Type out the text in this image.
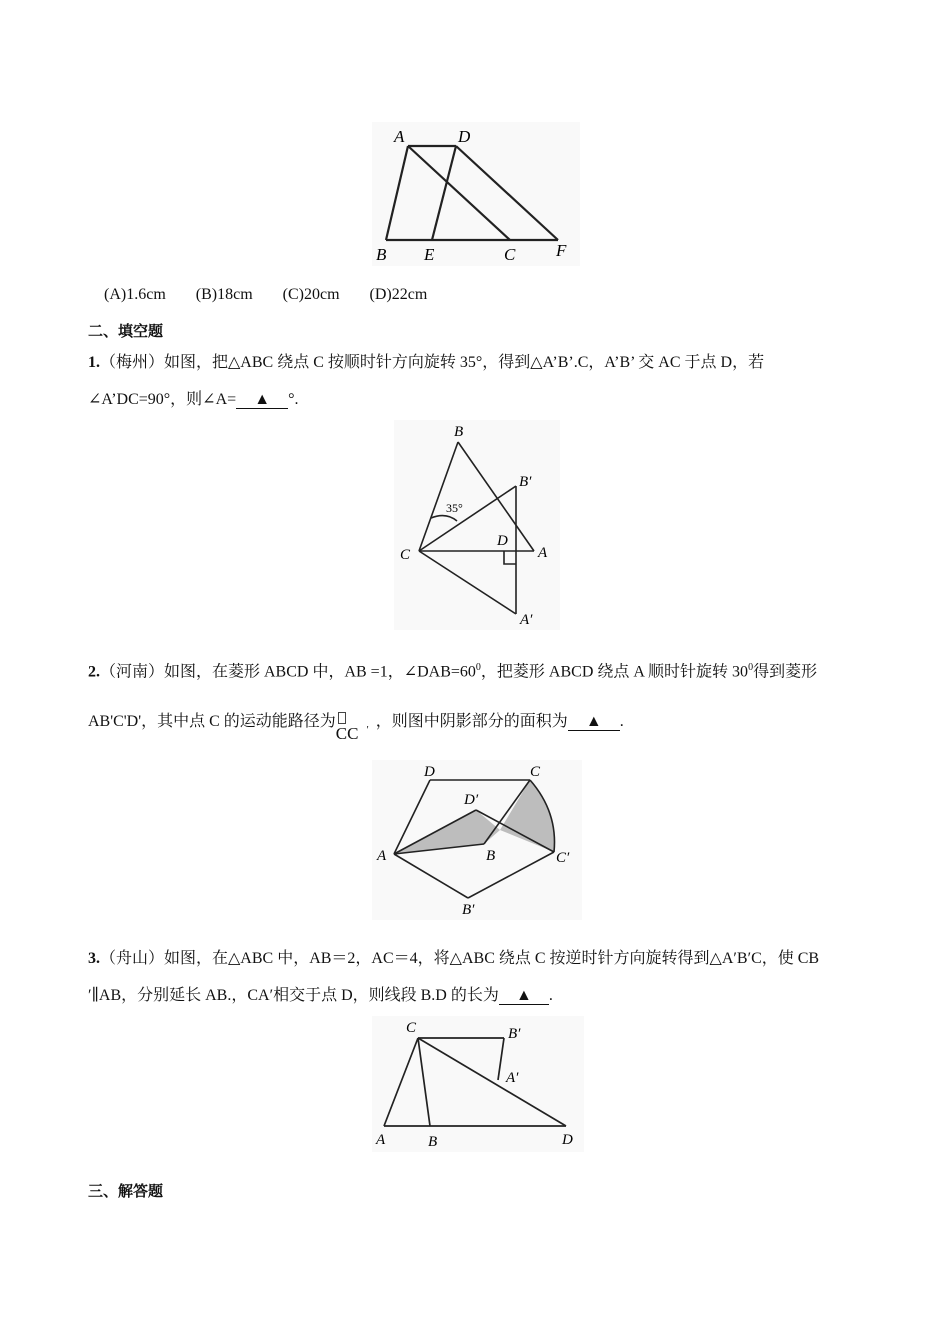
A	D
B E	C F
(A)1.6cm (B)18cm (C)20cm (D)22cm
二、填空题
1.（梅州）如图，把△ABC 绕点 C 按顺时针方向旋转 35°，得到△A’B’.C，A’B’ 交 AC 于点 D，若
∠A’DC=90°，则∠A= ▲ °.
B
B′
35°
C
D
A
A′
2.（河南）如图，在菱形 ABCD 中，AB =1，$\angle DAB=60^0$，把菱形 ABCD 绕点 A 顺时针旋转 $30^0$得到菱形
AB'C'D'，其中点 C 的运动能路径为
CC ′ ，则图中阴影部分的面积为 ▲ .
D	C
D′
A	B	C′
B′
3.（舟山）如图，在△ABC 中，AB＝2，AC＝4，将△ABC 绕点 C 按逆时针方向旋转得到△A′B′C，使 CB
′∥AB，分别延长 AB.，CA′相交于点 D，则线段 B.D 的长为 ▲ .
C	B′
A′
A	B	D
三、解答题
